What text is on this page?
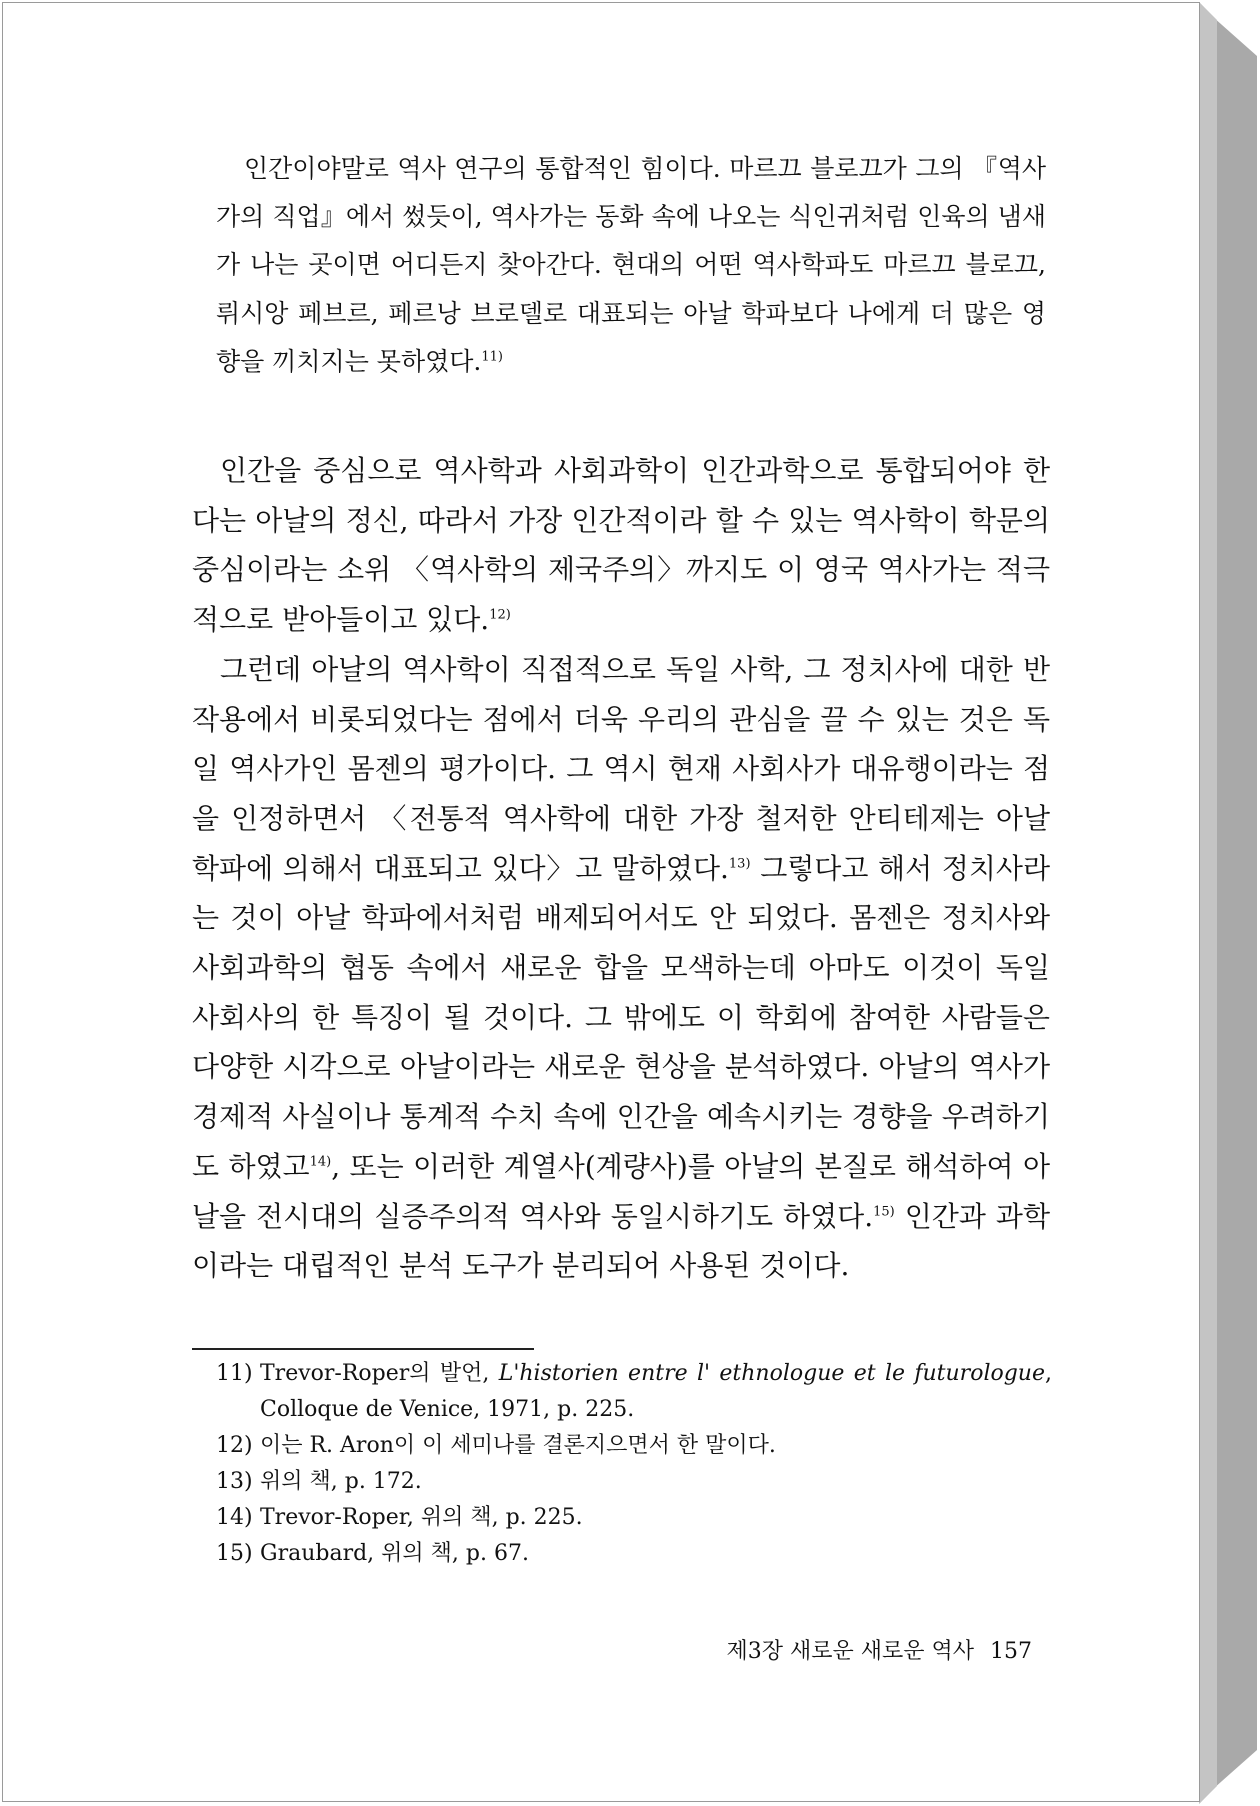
인간이야말로 역사 연구의 통합적인 힘이다. 마르끄 블로끄가 그의 『역사가의 직업』에서 썼듯이, 역사가는 동화 속에 나오는 식인귀처럼 인육의 냄새가 나는 곳이면 어디든지 찾아간다. 현대의 어떤 역사학파도 마르끄 블로끄, 뤼시앙 페브르, 페르낭 브로델로 대표되는 아날 학파보다 나에게 더 많은 영향을 끼치지는 못하였다.$^{11)}$

인간을 중심으로 역사학과 사회과학이 인간과학으로 통합되어야 한다는 아날의 정신, 따라서 가장 인간적이라 할 수 있는 역사학이 학문의 중심이라는 소위 〈역사학의 제국주의〉까지도 이 영국 역사가는 적극적으로 받아들이고 있다.$^{12)}$

그런데 아날의 역사학이 직접적으로 독일 사학, 그 정치사에 대한 반작용에서 비롯되었다는 점에서 더욱 우리의 관심을 끌 수 있는 것은 독일 역사가인 몸젠의 평가이다. 그 역시 현재 사회사가 대유행이라는 점을 인정하면서 〈전통적 역사학에 대한 가장 철저한 안티테제는 아날 학파에 의해서 대표되고 있다〉고 말하였다.$^{13)}$ 그렇다고 해서 정치사라는 것이 아날 학파에서처럼 배제되어서도 안 되었다. 몸젠은 정치사와 사회과학의 협동 속에서 새로운 합을 모색하는데 아마도 이것이 독일 사회사의 한 특징이 될 것이다. 그 밖에도 이 학회에 참여한 사람들은 다양한 시각으로 아날이라는 새로운 현상을 분석하였다. 아날의 역사가 경제적 사실이나 통계적 수치 속에 인간을 예속시키는 경향을 우려하기도 하였고$^{14)}$, 또는 이러한 계열사(계량사)를 아날의 본질로 해석하여 아날을 전시대의 실증주의적 역사와 동일시하기도 하였다.$^{15)}$ 인간과 과학이라는 대립적인 분석 도구가 분리되어 사용된 것이다.

11) Trevor-Roper의 발언, L'historien entre l' ethnologue et le futurologue, Colloque de Venice, 1971, p. 225.
12) 이는 R. Aron이 이 세미나를 결론지으면서 한 말이다.
13) 위의 책, p. 172.
14) Trevor-Roper, 위의 책, p. 225.
15) Graubard, 위의 책, p. 67.
제3장 새로운 새로운 역사 157
